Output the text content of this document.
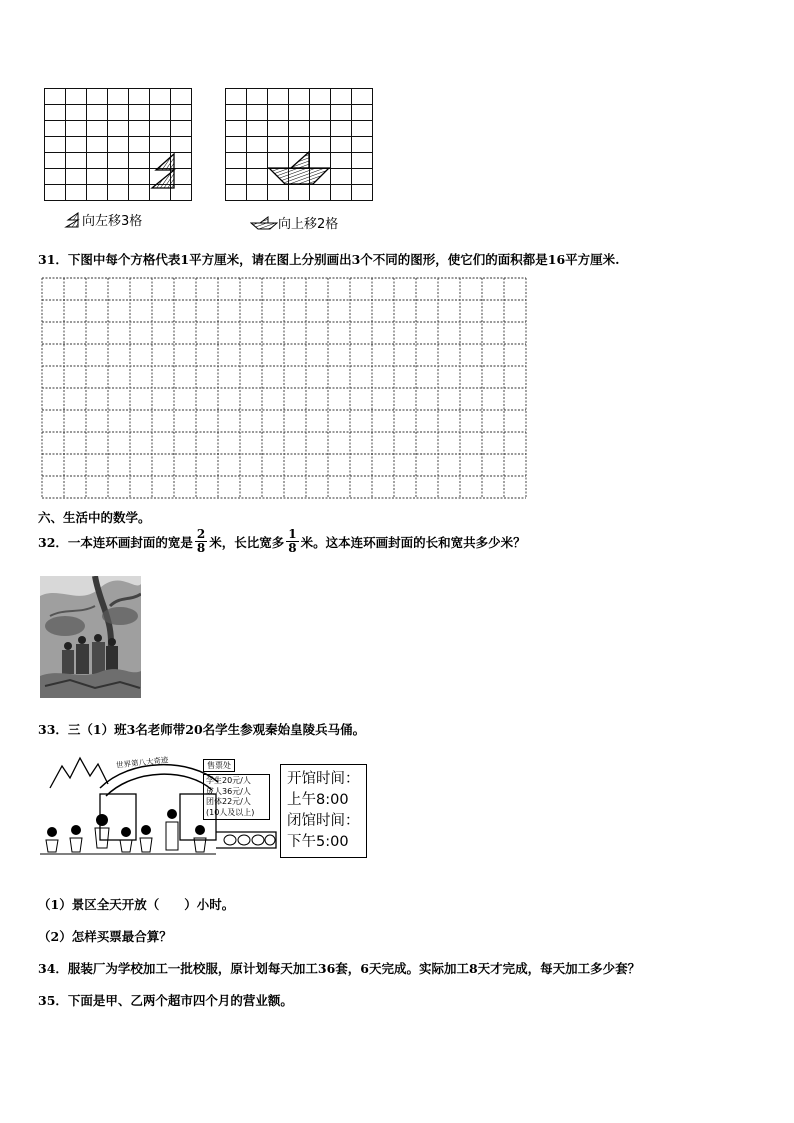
向左移3格

							向上移2格
31．下图中每个方格代表1平方厘米，请在图上分别画出3个不同的图形，使它们的面积都是16平方厘米.
六、生活中的数学。
32．一本连环画封面的宽是 $\frac{2}{8}$ 米，长比宽多 $\frac{1}{8}$ 米。这本连环画封面的长和宽共多少米？
33．三（1）班3名老师带20名学生参观秦始皇陵兵马俑。
世界第八大奇迹	售票处
学生20元/人
成人36元/人
团体22元/人
(10人及以上)
开馆时间：
上午8:00
闭馆时间：
下午5:00
（1）景区全天开放（　　）小时。
（2）怎样买票最合算？
34．服装厂为学校加工一批校服，原计划每天加工36套，6天完成。实际加工8天才完成，每天加工多少套？
35．下面是甲、乙两个超市四个月的营业额。
